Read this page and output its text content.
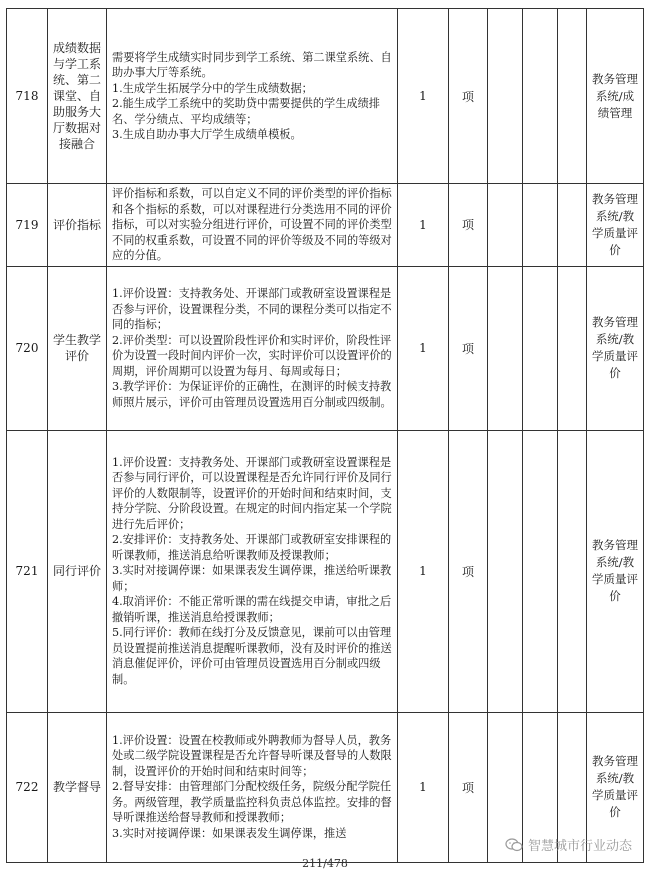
718	成绩数据与学工系统、第二课堂、自助服务大厅数据对接融合	需要将学生成绩实时同步到学工系统、第二课堂系统、自助办事大厅等系统。
1.生成学生拓展学分中的学生成绩数据；
2.能生成学工系统中的奖助贷中需要提供的学生成绩排名、学分绩点、平均成绩等；
3.生成自助办事大厅学生成绩单模板。	1	项				教务管理系统/成绩管理
719	评价指标	评价指标和系数，可以自定义不同的评价类型的评价指标和各个指标的系数，可以对课程进行分类选用不同的评价指标，可以对实验分组进行评价，可设置不同的评价类型不同的权重系数，可设置不同的评价等级及不同的等级对应的分值。	1	项				教务管理系统/教学质量评价
720	学生教学评价	1.评价设置：支持教务处、开课部门或教研室设置课程是否参与评价，设置课程分类，不同的课程分类可以指定不同的指标；
2.评价类型：可以设置阶段性评价和实时评价，阶段性评价为设置一段时间内评价一次，实时评价可以设置评价的周期，评价周期可以设置为每月、每周或每日；
3.教学评价：为保证评价的正确性，在测评的时候支持教师照片展示，评价可由管理员设置选用百分制或四级制。	1	项				教务管理系统/教学质量评价
721	同行评价	1.评价设置：支持教务处、开课部门或教研室设置课程是否参与同行评价，可以设置课程是否允许同行评价及同行评价的人数限制等，设置评价的开始时间和结束时间，支持分学院、分阶段设置。在规定的时间内指定某一个学院进行先后评价；
2.安排评价：支持教务处、开课部门或教研室安排课程的听课教师，推送消息给听课教师及授课教师；
3.实时对接调停课：如果课表发生调停课，推送给听课教师；
4.取消评价：不能正常听课的需在线提交申请，审批之后撤销听课，推送消息给授课教师；
5.同行评价：教师在线打分及反馈意见，课前可以由管理员设置提前推送消息提醒听课教师，没有及时评价的推送消息催促评价，评价可由管理员设置选用百分制或四级制。	1	项				教务管理系统/教学质量评价
722	教学督导	1.评价设置：设置在校教师或外聘教师为督导人员，教务处或二级学院设置课程是否允许督导听课及督导的人数限制，设置评价的开始时间和结束时间等；
2.督导安排：由管理部门分配校级任务，院级分配学院任务。两级管理，教学质量监控科负责总体监控。安排的督导听课推送给督导教师和授课教师；
3.实时对接调停课：如果课表发生调停课，推送	1	项				教务管理系统/教学质量评价
智慧城市行业动态
211/478
